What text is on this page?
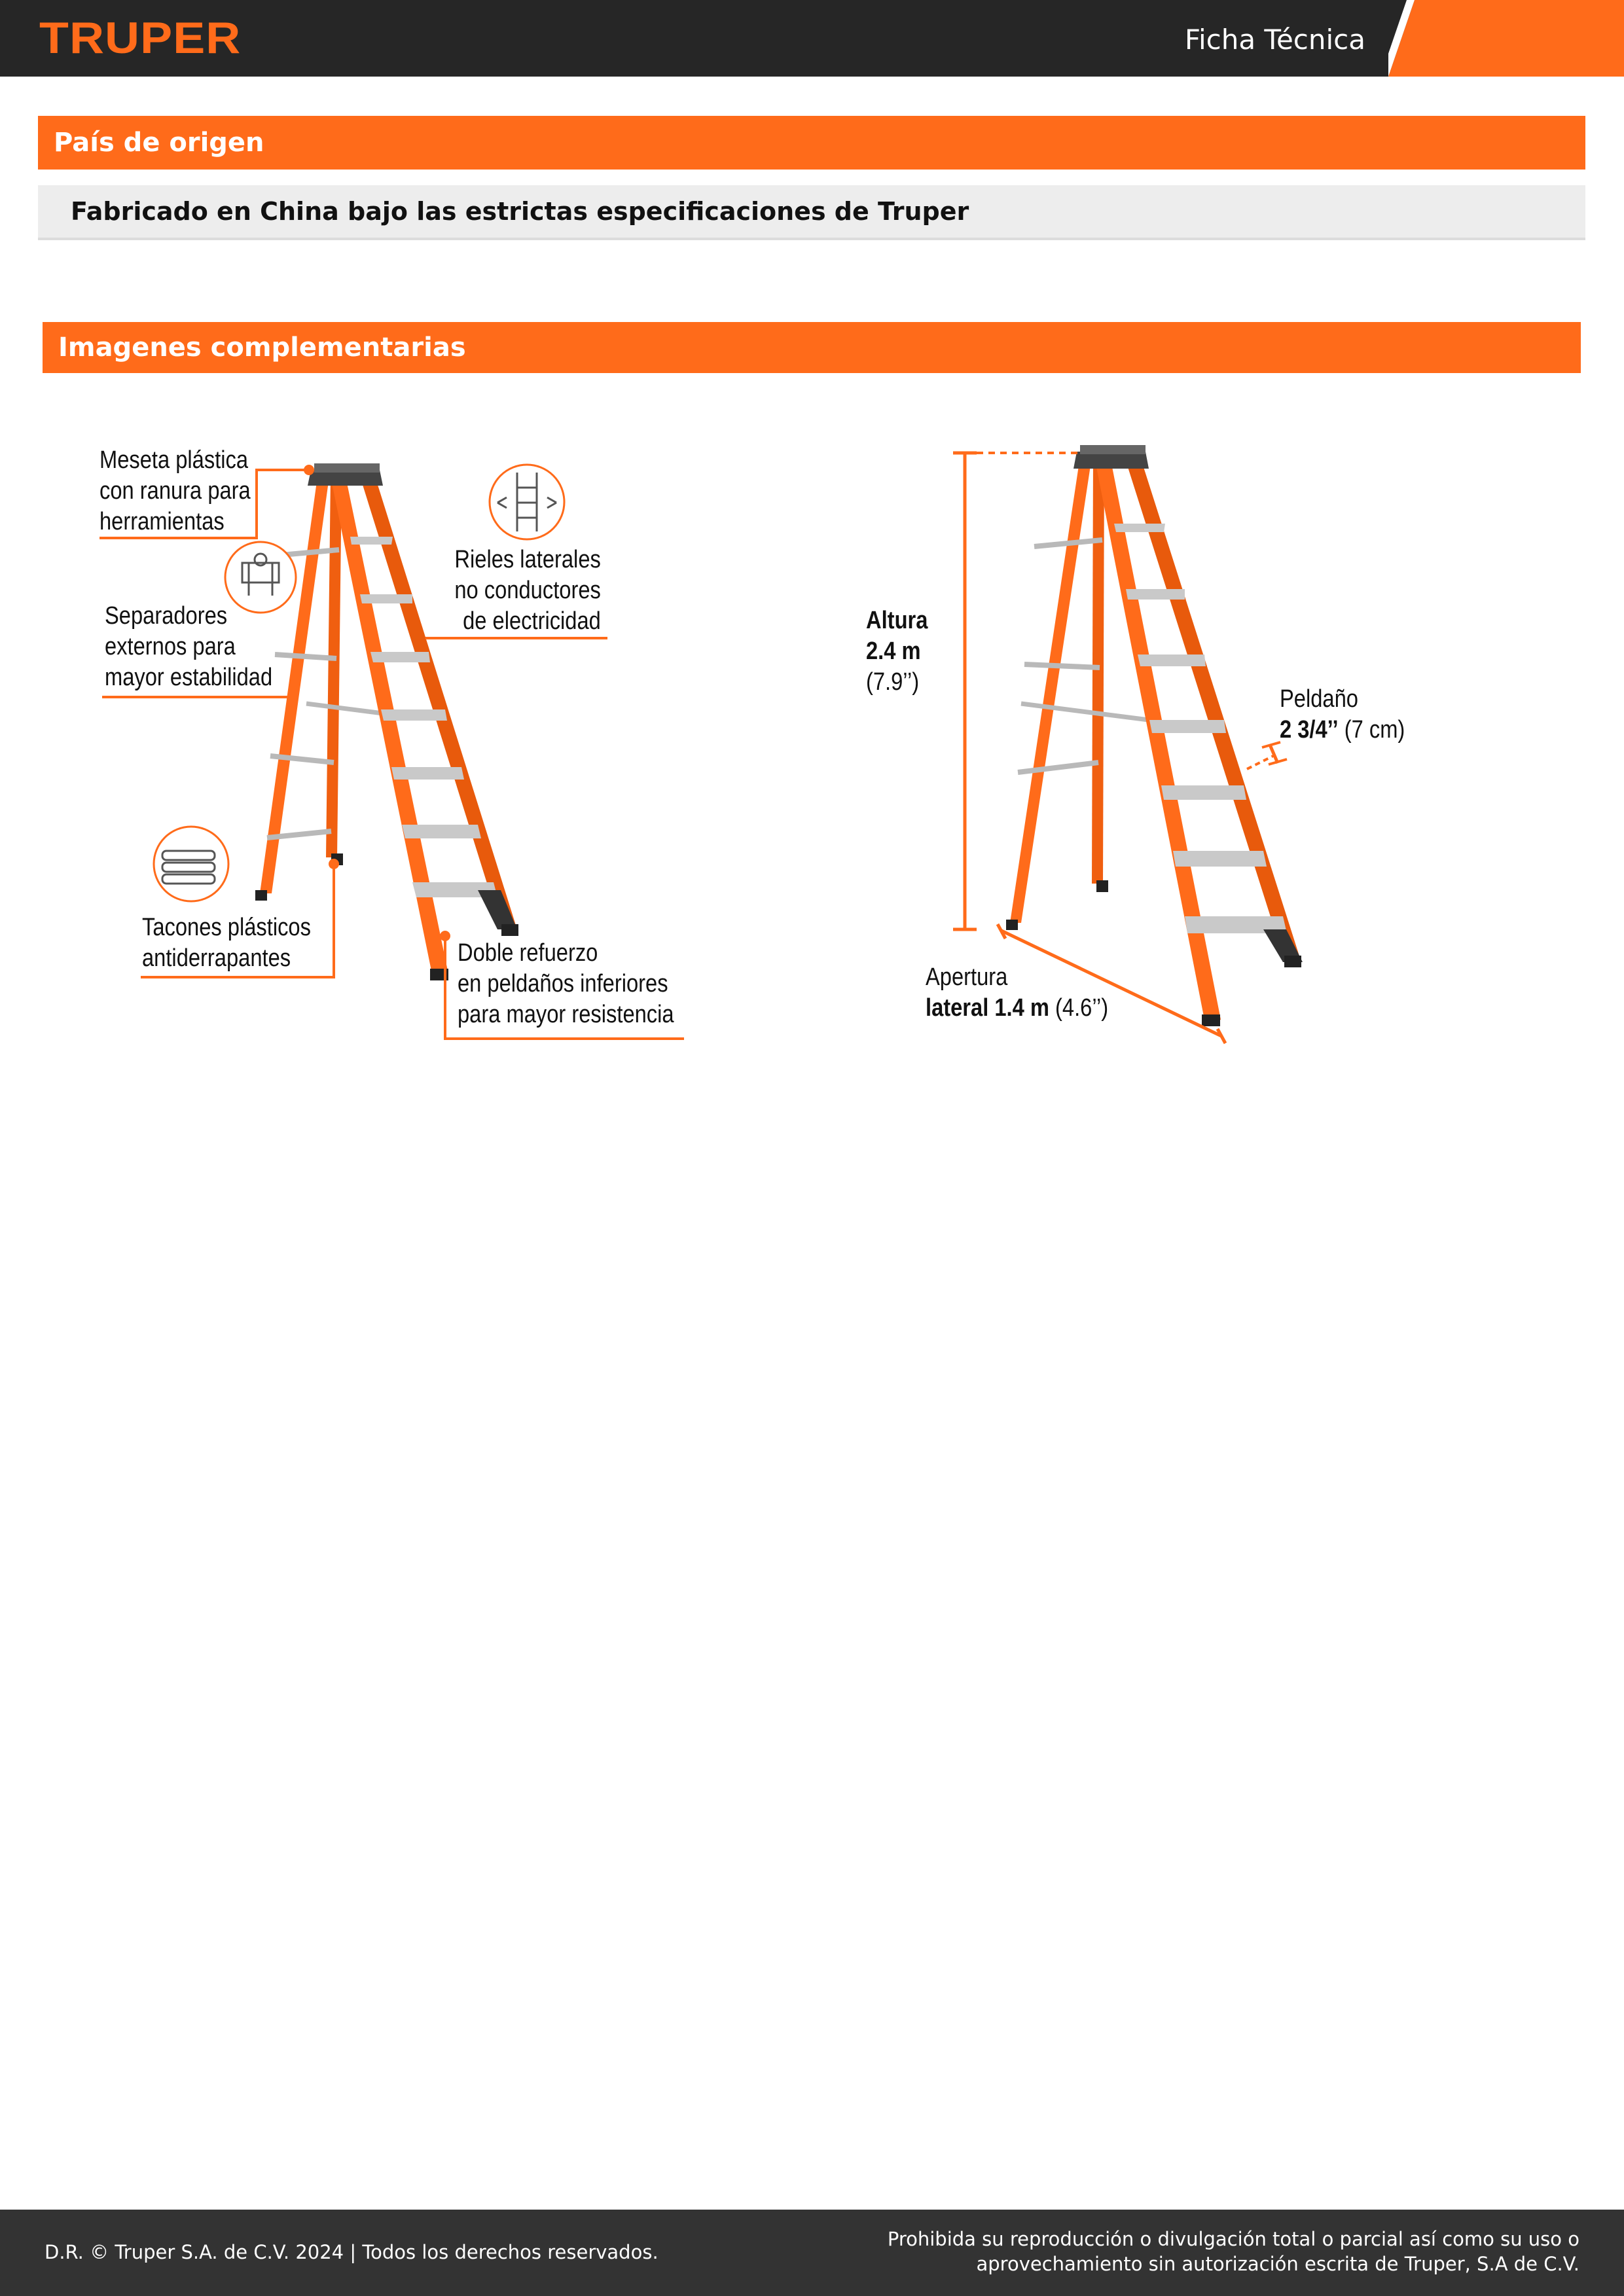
TRUPER	Ficha Técnica
País de origen
Fabricado en China bajo las estrictas especificaciones de Truper
Imagenes complementarias
Meseta plástica
con ranura para
herramientas
Separadores
externos para
mayor estabilidad
Tacones plásticos
antiderrapantes
Rieles laterales
no conductores
de electricidad
Doble refuerzo
en peldaños inferiores
para mayor resistencia
Altura
2.4 m
(7.9’’)
Peldaño
2 3/4’’ (7 cm)
Apertura
lateral 1.4 m (4.6’’)
D.R. © Truper S.A. de C.V. 2024 | Todos los derechos reservados.
Prohibida su reproducción o divulgación total o parcial así como su uso o
aprovechamiento sin autorización escrita de Truper, S.A de C.V.
